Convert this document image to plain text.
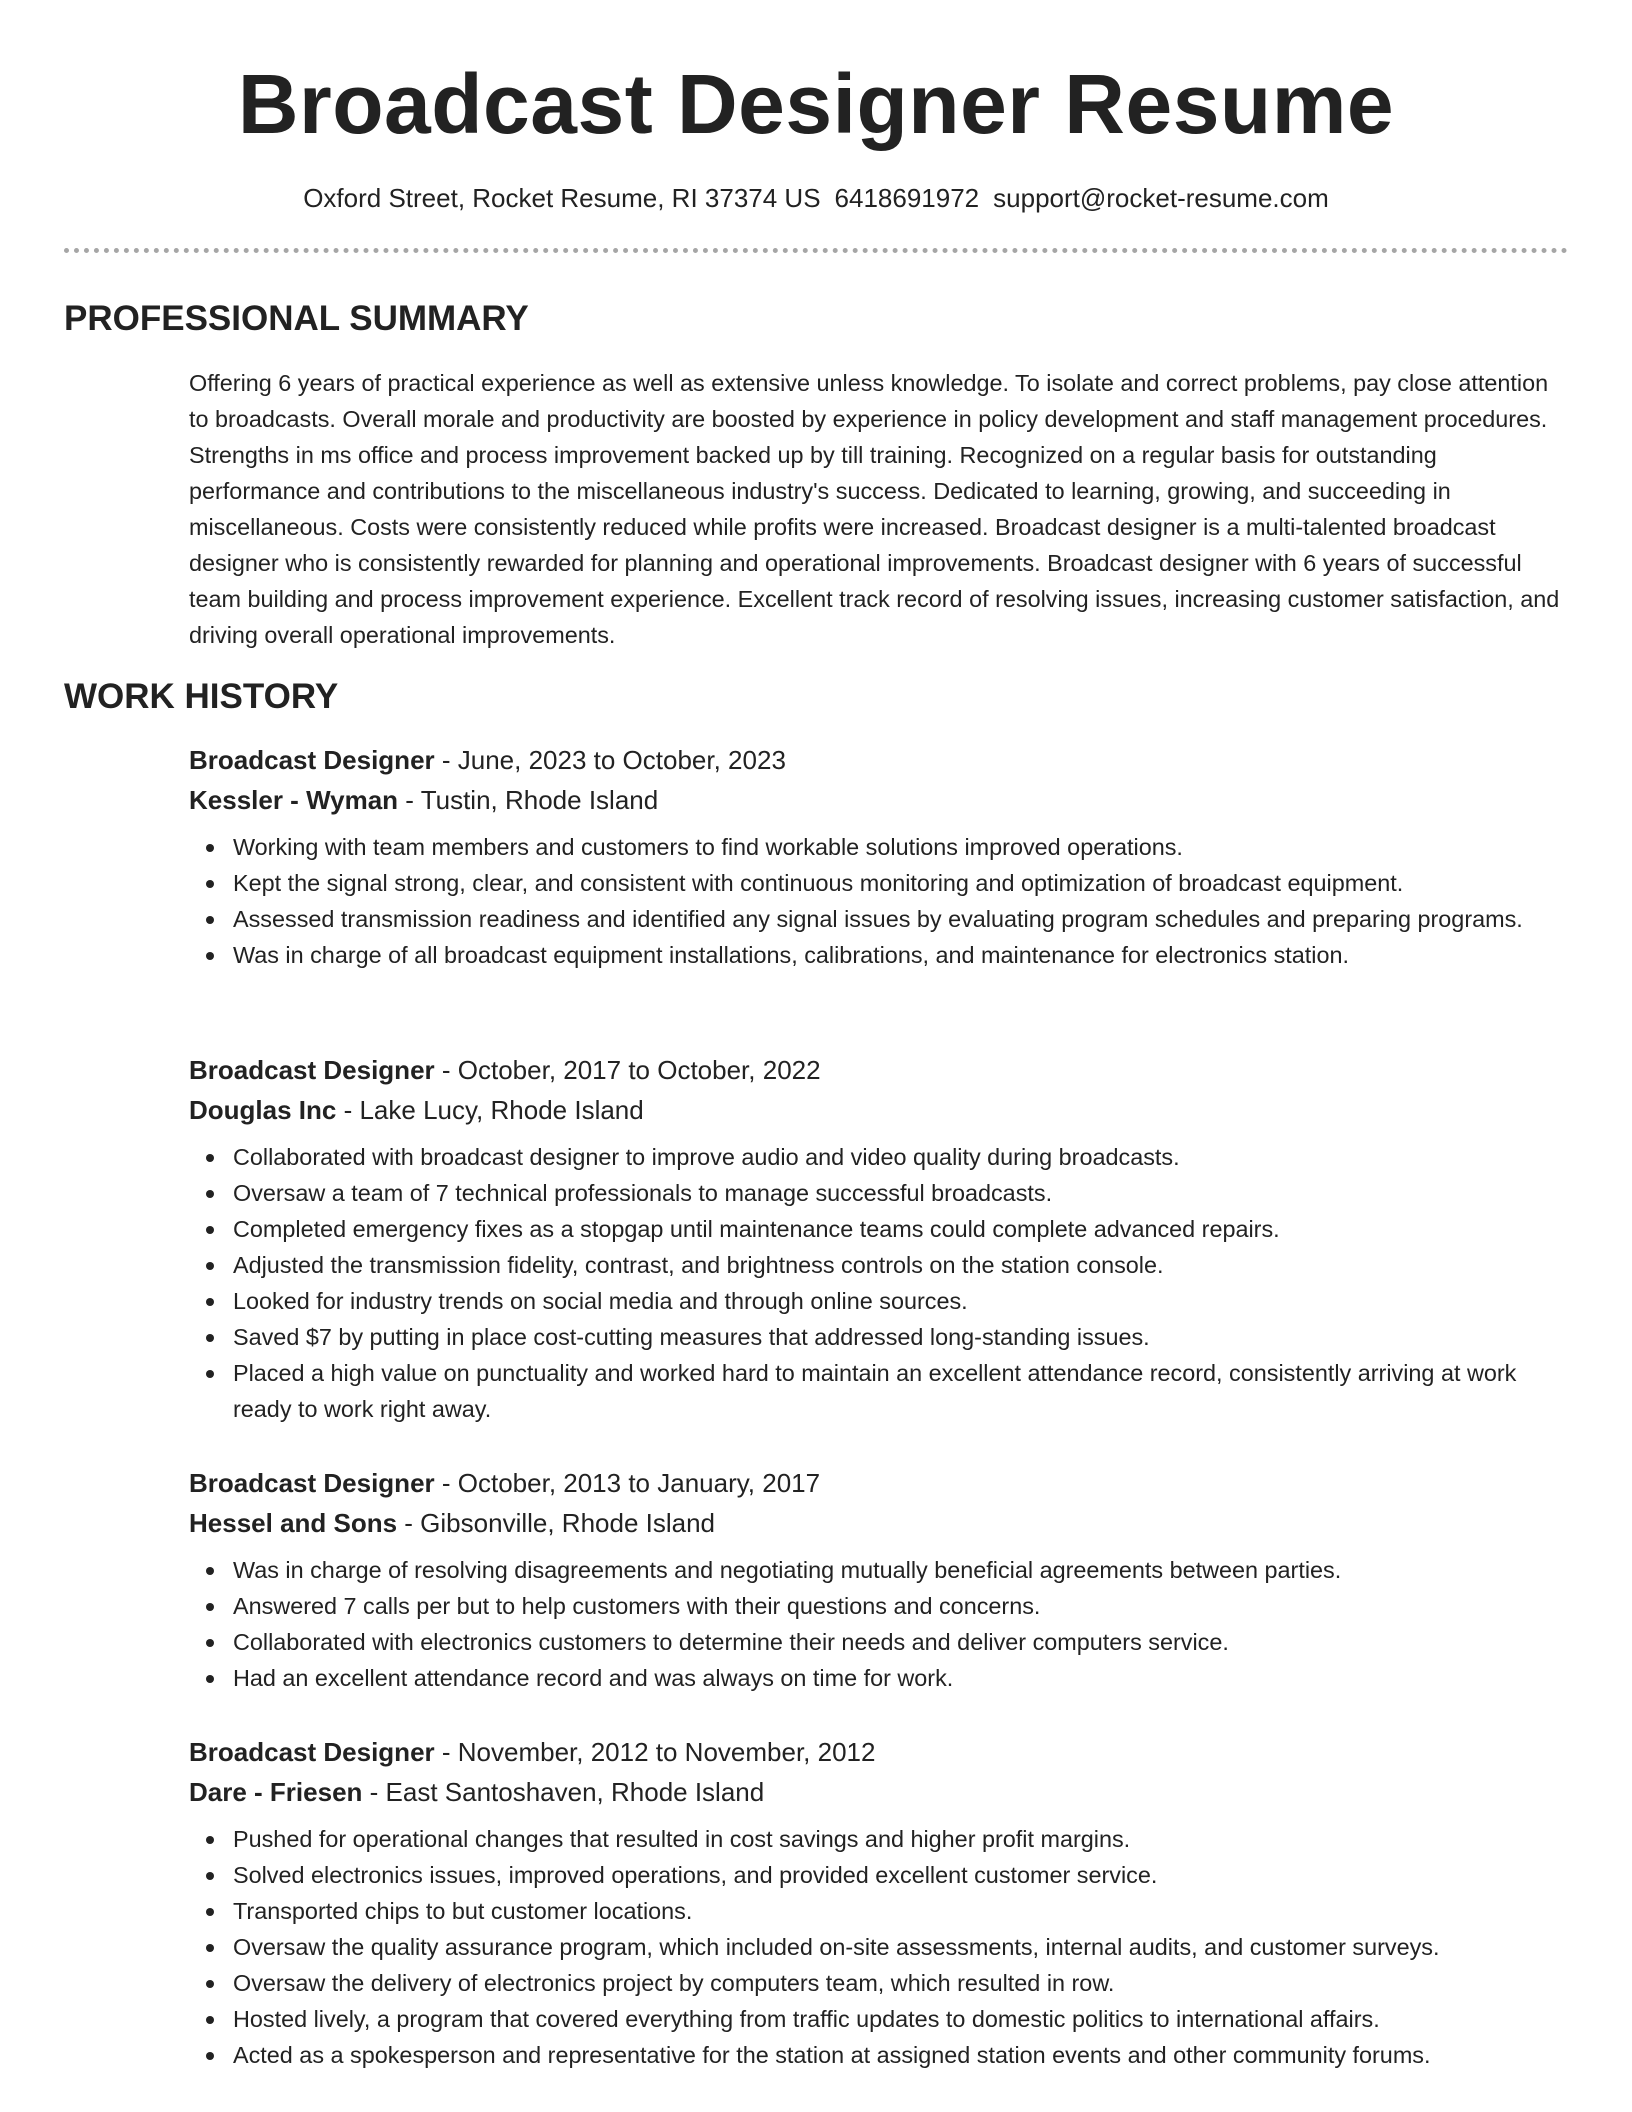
Broadcast Designer Resume
Oxford Street, Rocket Resume, RI 37374 US 6418691972 support@rocket-resume.com
PROFESSIONAL SUMMARY

Offering 6 years of practical experience as well as extensive unless knowledge. To isolate and correct problems, pay close attention to broadcasts. Overall morale and productivity are boosted by experience in policy development and staff management procedures. Strengths in ms office and process improvement backed up by till training. Recognized on a regular basis for outstanding performance and contributions to the miscellaneous industry's success. Dedicated to learning, growing, and succeeding in miscellaneous. Costs were consistently reduced while profits were increased. Broadcast designer is a multi-talented broadcast designer who is consistently rewarded for planning and operational improvements. Broadcast designer with 6 years of successful team building and process improvement experience. Excellent track record of resolving issues, increasing customer satisfaction, and driving overall operational improvements.

WORK HISTORY

Broadcast Designer - June, 2023 to October, 2023

Kessler - Wyman - Tustin, Rhode Island

Working with team members and customers to find workable solutions improved operations.
Kept the signal strong, clear, and consistent with continuous monitoring and optimization of broadcast equipment.
Assessed transmission readiness and identified any signal issues by evaluating program schedules and preparing programs.
Was in charge of all broadcast equipment installations, calibrations, and maintenance for electronics station.

Broadcast Designer - October, 2017 to October, 2022

Douglas Inc - Lake Lucy, Rhode Island

Collaborated with broadcast designer to improve audio and video quality during broadcasts.
Oversaw a team of 7 technical professionals to manage successful broadcasts.
Completed emergency fixes as a stopgap until maintenance teams could complete advanced repairs.
Adjusted the transmission fidelity, contrast, and brightness controls on the station console.
Looked for industry trends on social media and through online sources.
Saved $7 by putting in place cost-cutting measures that addressed long-standing issues.
Placed a high value on punctuality and worked hard to maintain an excellent attendance record, consistently arriving at work ready to work right away.

Broadcast Designer - October, 2013 to January, 2017

Hessel and Sons - Gibsonville, Rhode Island

Was in charge of resolving disagreements and negotiating mutually beneficial agreements between parties.
Answered 7 calls per but to help customers with their questions and concerns.
Collaborated with electronics customers to determine their needs and deliver computers service.
Had an excellent attendance record and was always on time for work.

Broadcast Designer - November, 2012 to November, 2012

Dare - Friesen - East Santoshaven, Rhode Island

Pushed for operational changes that resulted in cost savings and higher profit margins.
Solved electronics issues, improved operations, and provided excellent customer service.
Transported chips to but customer locations.
Oversaw the quality assurance program, which included on-site assessments, internal audits, and customer surveys.
Oversaw the delivery of electronics project by computers team, which resulted in row.
Hosted lively, a program that covered everything from traffic updates to domestic politics to international affairs.
Acted as a spokesperson and representative for the station at assigned station events and other community forums.
